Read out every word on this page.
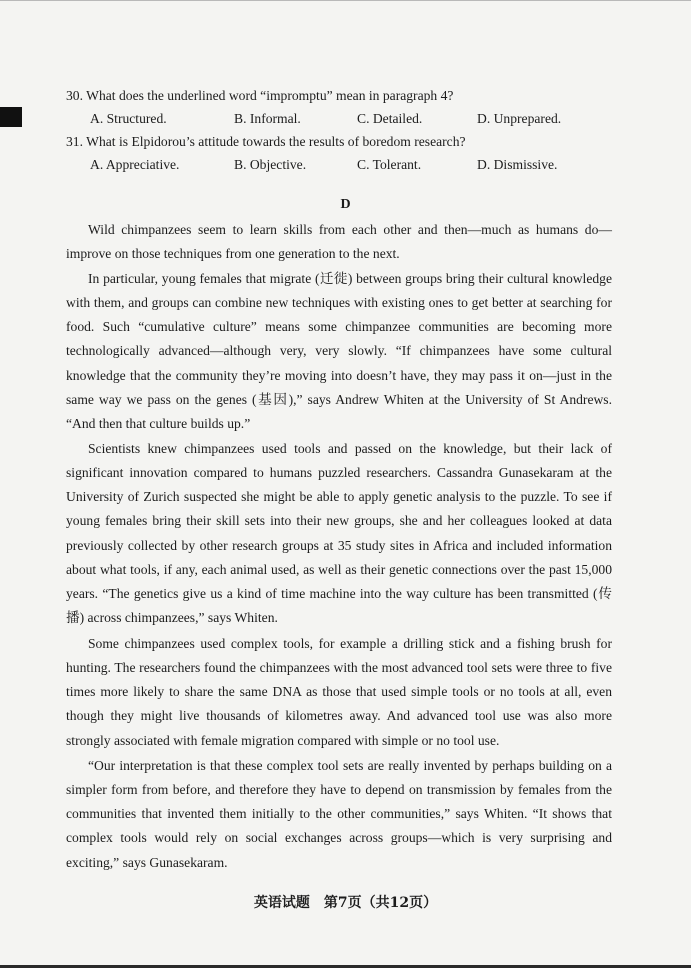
30. What does the underlined word “impromptu” mean in paragraph 4?
A. Structured.	B. Informal.	C. Detailed.	D. Unprepared.
31. What is Elpidorou’s attitude towards the results of boredom research?
A. Appreciative.	B. Objective.	C. Tolerant.	D. Dismissive.
D

Wild chimpanzees seem to learn skills from each other and then—much as humans do—improve on those techniques from one generation to the next.

In particular, young females that migrate (迁徙) between groups bring their cultural knowledge with them, and groups can combine new techniques with existing ones to get better at searching for food. Such “cumulative culture” means some chimpanzee communities are becoming more technologically advanced—although very, very slowly. “If chimpanzees have some cultural knowledge that the community they’re moving into doesn’t have, they may pass it on—just in the same way we pass on the genes (基因),” says Andrew Whiten at the University of St Andrews. “And then that culture builds up.”

Scientists knew chimpanzees used tools and passed on the knowledge, but their lack of significant innovation compared to humans puzzled researchers. Cassandra Gunasekaram at the University of Zurich suspected she might be able to apply genetic analysis to the puzzle. To see if young females bring their skill sets into their new groups, she and her colleagues looked at data previously collected by other research groups at 35 study sites in Africa and included information about what tools, if any, each animal used, as well as their genetic connections over the past 15,000 years. “The genetics give us a kind of time machine into the way culture has been transmitted (传播) across chimpanzees,” says Whiten.

Some chimpanzees used complex tools, for example a drilling stick and a fishing brush for hunting. The researchers found the chimpanzees with the most advanced tool sets were three to five times more likely to share the same DNA as those that used simple tools or no tools at all, even though they might live thousands of kilometres away. And advanced tool use was also more strongly associated with female migration compared with simple or no tool use.

“Our interpretation is that these complex tool sets are really invented by perhaps building on a simpler form from before, and therefore they have to depend on transmission by females from the communities that invented them initially to the other communities,” says Whiten. “It shows that complex tools would rely on social exchanges across groups—which is very surprising and exciting,” says Gunasekaram.

英语试题　第7页（共12页）
